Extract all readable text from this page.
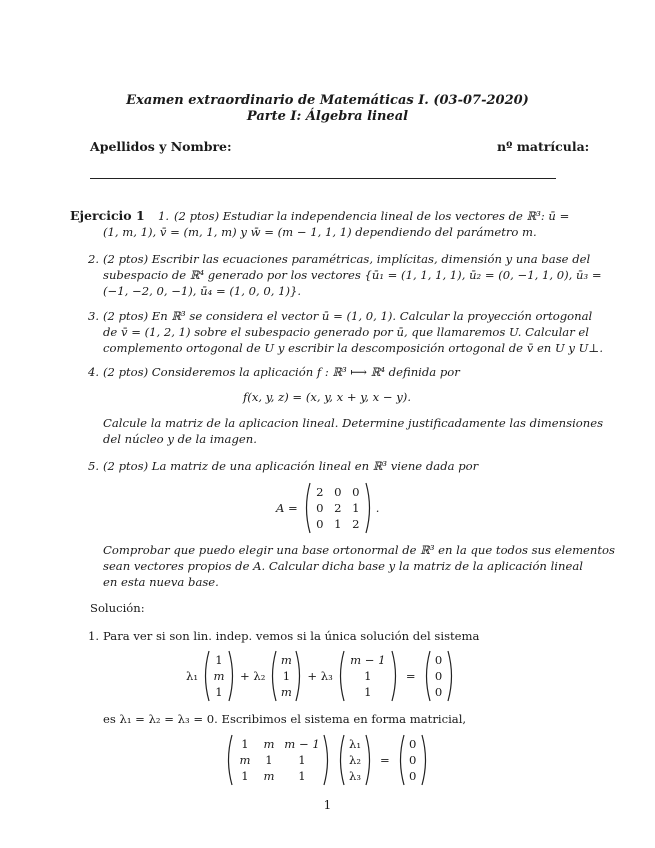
Examen extraordinario de Matemáticas I. (03-07-2020)
Parte I: Álgebra lineal
Apellidos y Nombre:	nº matrícula:
Ejercicio 1 1. (2 ptos) Estudiar la independencia lineal de los vectores de ℝ³: ū =
(1, m, 1), v̄ = (m, 1, m) y w̄ = (m − 1, 1, 1) dependiendo del parámetro m.
2. (2 ptos) Escribir las ecuaciones paramétricas, implícitas, dimensión y una base del
subespacio de ℝ⁴ generado por los vectores {ū₁ = (1, 1, 1, 1), ū₂ = (0, −1, 1, 0), ū₃ =
(−1, −2, 0, −1), ū₄ = (1, 0, 0, 1)}.
3. (2 ptos) En ℝ³ se considera el vector ū = (1, 0, 1). Calcular la proyección ortogonal
de v̄ = (1, 2, 1) sobre el subespacio generado por ū, que llamaremos U. Calcular el
complemento ortogonal de U y escribir la descomposición ortogonal de v̄ en U y U⊥.
4. (2 ptos) Consideremos la aplicación f : ℝ³ ⟼ ℝ⁴ definida por
f(x, y, z) = (x, y, x + y, x − y).
Calcule la matriz de la aplicacion lineal. Determine justificadamente las dimensiones
del núcleo y de la imagen.
5. (2 ptos) La matriz de una aplicación lineal en ℝ³ viene dada por
A =
2 0 0
0 2 1
0 1 2
.
Comprobar que puedo elegir una base ortonormal de ℝ³ en la que todos sus elementos
sean vectores propios de A. Calcular dicha base y la matriz de la aplicación lineal
en esta nueva base.
Solución:
1. Para ver si son lin. indep. vemos si la única solución del sistema
λ₁
1
m
1
+ λ₂
m
1
m
+ λ₃
m − 1
1
1
=
0
0
0
es λ₁ = λ₂ = λ₃ = 0. Escribimos el sistema en forma matricial,
1	m m − 1
m	1	1
1	m	1
λ₁
λ₂
λ₃
=
0
0
0
1
